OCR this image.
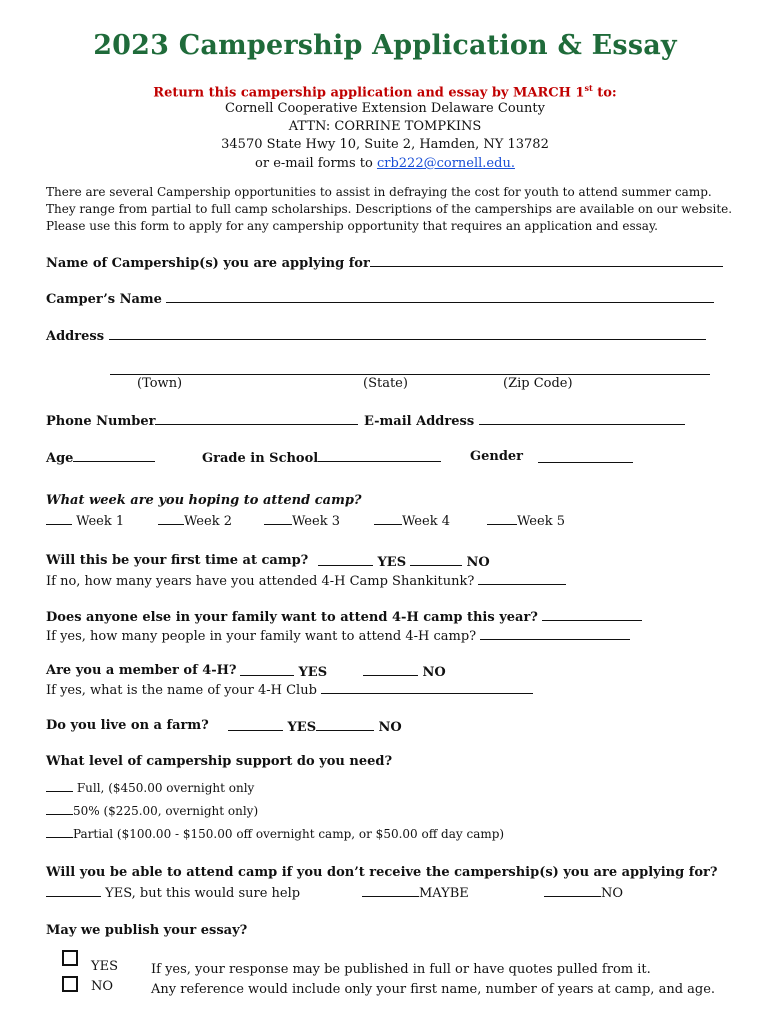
2023 Campership Application & Essay
Return this campership application and essay by MARCH 1st to:
Cornell Cooperative Extension Delaware County
ATTN: CORRINE TOMPKINS
34570 State Hwy 10, Suite 2, Hamden, NY 13782
or e-mail forms to crb222@cornell.edu.
There are several Campership opportunities to assist in defraying the cost for youth to attend summer camp. They range from partial to full camp scholarships. Descriptions of the camperships are available on our website. Please use this form to apply for any campership opportunity that requires an application and essay.
Name of Campership(s) you are applying for
Camper’s Name
Address
(Town)	(State)	(Zip Code)
Phone Number	E-mail Address
Age	Grade in School	Gender
What week are you hoping to attend camp?
Week 1	Week 2	Week 3	Week 4	Week 5
Will this be your first time at camp?	YES	NO
If no, how many years have you attended 4-H Camp Shankitunk?
Does anyone else in your family want to attend 4-H camp this year?
If yes, how many people in your family want to attend 4-H camp?
Are you a member of 4-H?	YES	NO
If yes, what is the name of your 4-H Club
Do you live on a farm?	YES	NO
What level of campership support do you need?
Full, ($450.00 overnight only
50% ($225.00, overnight only)
Partial ($100.00 - $150.00 off overnight camp, or $50.00 off day camp)
Will you be able to attend camp if you don’t receive the campership(s) you are applying for?
YES, but this would sure help	MAYBE	NO
May we publish your essay?
YES
NO
If yes, your response may be published in full or have quotes pulled from it.
Any reference would include only your first name, number of years at camp, and age.
